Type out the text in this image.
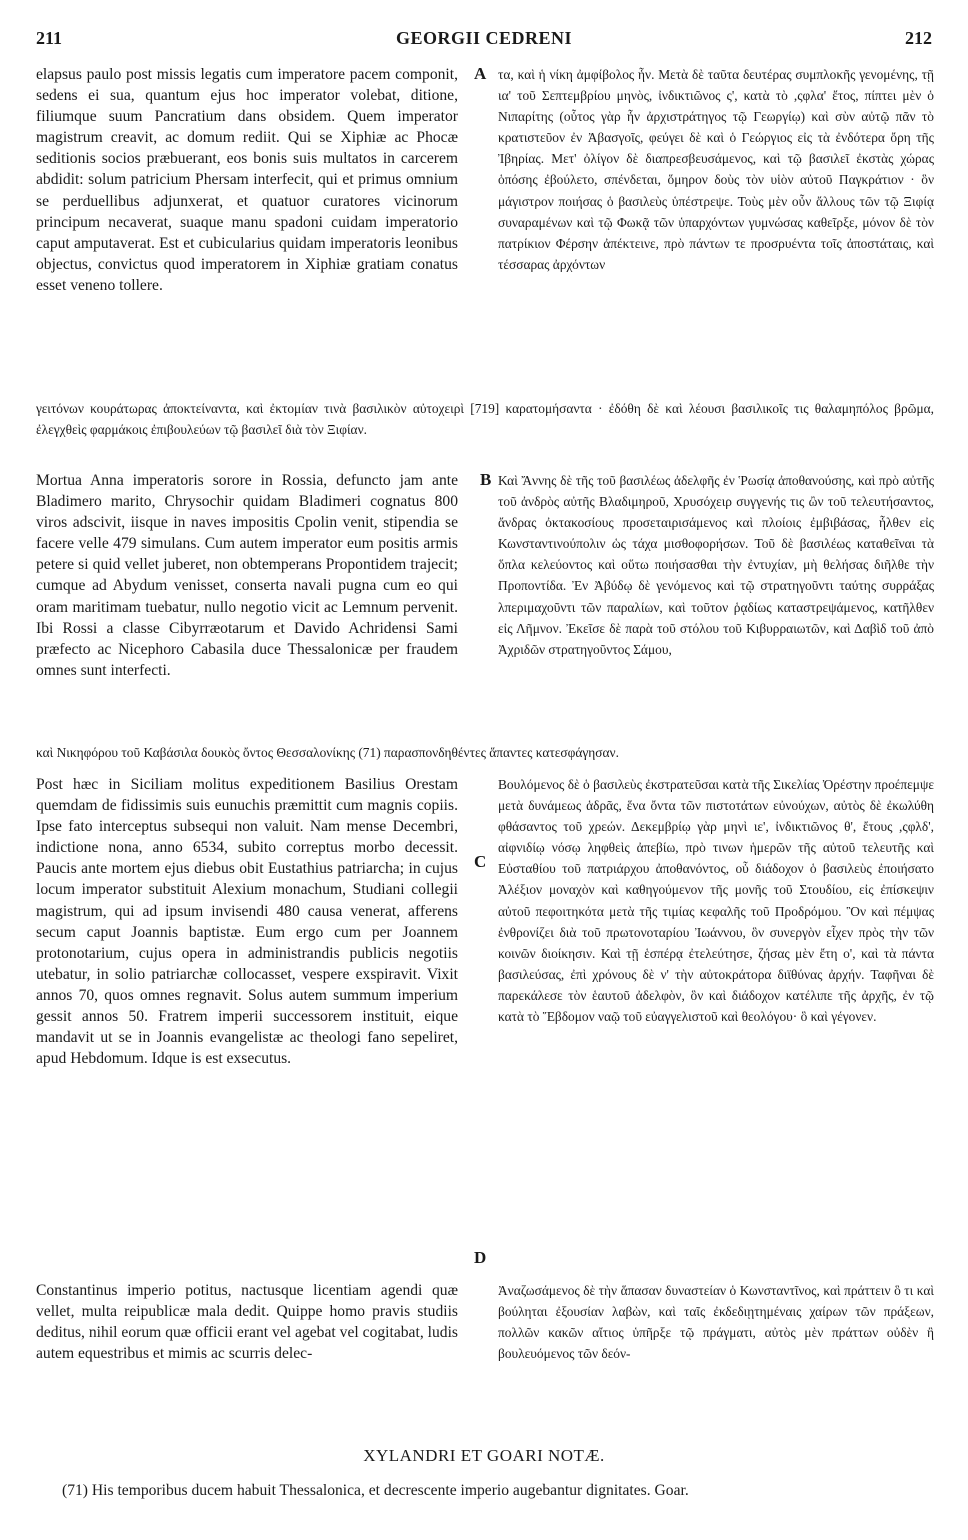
211	GEORGII CEDRENI	212

elapsus paulo post missis legatis cum imperatore pacem componit, sedens ei sua, quantum ejus hoc imperator volebat, ditione, filiumque suum Pancratium dans obsidem. Quem imperator magistrum creavit, ac domum rediit. Qui se Xiphiæ ac Phocæ seditionis socios præbuerant, eos bonis suis multatos in carcerem abdidit: solum patricium Phersam interfecit, qui et primus omnium se perduellibus adjunxerat, et quatuor curatores vicinorum principum necaverat, suaque manu spadoni cuidam imperatorio caput amputaverat. Est et cubicularius quidam imperatoris leonibus objectus, convictus quod imperatorem in Xiphiæ gratiam conatus esset veneno tollere.

τα, καὶ ἡ νίκη ἀμφίβολος ἦν. Μετὰ δὲ ταῦτα δευτέρας συμπλοκῆς γενομένης, τῇ ια' τοῦ Σεπτεμβρίου μηνὸς, ἰνδικτιῶνος ς', κατὰ τὸ ,ςφλα' ἔτος, πίπτει μὲν ὁ Νιπαρίτης (οὗτος γὰρ ἦν ἀρχιστράτηγος τῷ Γεωργίῳ) καὶ σὺν αὐτῷ πᾶν τὸ κρατιστεῦον ἐν Ἀβασγοῖς, φεύγει δὲ καὶ ὁ Γεώργιος εἰς τὰ ἐνδότερα ὄρη τῆς Ἰβηρίας. Μετ' ὀλίγον δὲ διαπρεσβευσάμενος, καὶ τῷ βασιλεῖ ἐκστὰς χώρας ὁπόσης ἐβούλετο, σπένδεται, ὅμηρον δοὺς τὸν υἱὸν αὐτοῦ Παγκράτιον · ὃν μάγιστρον ποιήσας ὁ βασιλεὺς ὑπέστρεψε. Τοὺς μὲν οὖν ἄλλους τῶν τῷ Ξιφίᾳ συναραμένων καὶ τῷ Φωκᾷ τῶν ὑπαρχόντων γυμνώσας καθεῖρξε, μόνον δὲ τὸν πατρίκιον Φέρσην ἀπέκτεινε, πρὸ πάντων τε προσρυέντα τοῖς ἀποστάταις, καὶ τέσσαρας ἀρχόντων

A

γειτόνων κουράτωρας ἀποκτείναντα, καὶ ἐκτομίαν τινὰ βασιλικὸν αὐτοχειρὶ [719] καρατομήσαντα · ἐδόθη δὲ καὶ λέουσι βασιλικοῖς τις θαλαμηπόλος βρῶμα, ἐλεγχθεὶς φαρμάκοις ἐπιβουλεύων τῷ βασιλεῖ διὰ τὸν Ξιφίαν.

Mortua Anna imperatoris sorore in Rossia, defuncto jam ante Bladimero marito, Chrysochir quidam Bladimeri cognatus 800 viros adscivit, iisque in naves impositis Cpolin venit, stipendia se facere velle 479 simulans. Cum autem imperator eum positis armis petere si quid vellet juberet, non obtemperans Propontidem trajecit; cumque ad Abydum venisset, conserta navali pugna cum eo qui oram maritimam tuebatur, nullo negotio vicit ac Lemnum pervenit. Ibi Rossi a classe Cibyrræotarum et Davido Achridensi Sami præfecto ac Nicephoro Cabasila duce Thessalonicæ per fraudem omnes sunt interfecti.

Καὶ Ἄννης δὲ τῆς τοῦ βασιλέως ἀδελφῆς ἐν Ῥωσίᾳ ἀποθανούσης, καὶ πρὸ αὐτῆς τοῦ ἀνδρὸς αὐτῆς Βλαδιμηροῦ, Χρυσόχειρ συγγενής τις ὢν τοῦ τελευτήσαντος, ἄνδρας ὀκτακοσίους προσεταιρισάμενος καὶ πλοίοις ἐμβιβάσας, ἦλθεν εἰς Κωνσταντινούπολιν ὡς τάχα μισθοφορήσων. Τοῦ δὲ βασιλέως καταθεῖναι τὰ ὅπλα κελεύοντος καὶ οὕτω ποιήσασθαι τὴν ἐντυχίαν, μὴ θελήσας διῆλθε τὴν Προποντίδα. Ἐν Ἀβύδῳ δὲ γενόμενος καὶ τῷ στρατηγοῦντι ταύτης συρράξας λπεριμαχοῦντι τῶν παραλίων, καὶ τοῦτον ῥᾳδίως καταστρεψάμενος, κατῆλθεν εἰς Λῆμνον. Ἐκεῖσε δὲ παρὰ τοῦ στόλου τοῦ Κιβυρραιωτῶν, καὶ Δαβὶδ τοῦ ἀπὸ Ἀχριδῶν στρατηγοῦντος Σάμου,

B

καὶ Νικηφόρου τοῦ Καβάσιλα δουκὸς ὄντος Θεσσαλονίκης (71) παρασπονδηθέντες ἅπαντες κατεσφάγησαν.

Post hæc in Siciliam molitus expeditionem Basilius Orestam quemdam de fidissimis suis eunuchis præmittit cum magnis copiis. Ipse fato interceptus subsequi non valuit. Nam mense Decembri, indictione nona, anno 6534, subito correptus morbo decessit. Paucis ante mortem ejus diebus obit Eustathius patriarcha; in cujus locum imperator substituit Alexium monachum, Studiani collegii magistrum, qui ad ipsum invisendi 480 causa venerat, afferens secum caput Joannis baptistæ. Eum ergo cum per Joannem protonotarium, cujus opera in administrandis publicis negotiis utebatur, in solio patriarchæ collocasset, vespere exspiravit. Vixit annos 70, quos omnes regnavit. Solus autem summum imperium gessit annos 50. Fratrem imperii successorem instituit, eique mandavit ut se in Joannis evangelistæ ac theologi fano sepeliret, apud Hebdomum. Idque is est exsecutus.

Βουλόμενος δὲ ὁ βασιλεὺς ἐκστρατεῦσαι κατὰ τῆς Σικελίας Ὀρέστην προέπεμψε μετὰ δυνάμεως ἁδρᾶς, ἕνα ὄντα τῶν πιστοτάτων εὐνούχων, αὐτὸς δὲ ἐκωλύθη φθάσαντος τοῦ χρεών. Δεκεμβρίῳ γὰρ μηνὶ ιε', ἰνδικτιῶνος θ', ἔτους ,ςφλδ', αἰφνιδίῳ νόσῳ ληφθεὶς ἀπεβίω, πρὸ τινων ἡμερῶν τῆς αὐτοῦ τελευτῆς καὶ Εὐσταθίου τοῦ πατριάρχου ἀποθανόντος, οὗ διάδοχον ὁ βασιλεὺς ἐποιήσατο Ἀλέξιον μοναχὸν καὶ καθηγούμενον τῆς μονῆς τοῦ Στουδίου, εἰς ἐπίσκεψιν αὐτοῦ πεφοιτηκότα μετὰ τῆς τιμίας κεφαλῆς τοῦ Προδρόμου. Ὃν καὶ πέμψας ἐνθρονίζει διὰ τοῦ πρωτονοταρίου Ἰωάννου, ὃν συνεργὸν εἶχεν πρὸς τὴν τῶν κοινῶν διοίκησιν. Καὶ τῇ ἑσπέρᾳ ἐτελεύτησε, ζήσας μὲν ἔτη ο', καὶ τὰ πάντα βασιλεύσας, ἐπὶ χρόνους δὲ ν' τὴν αὐτοκράτορα διϊθύνας ἀρχήν. Ταφῆναι δὲ παρεκάλεσε τὸν ἑαυτοῦ ἀδελφὸν, ὃν καὶ διάδοχον κατέλιπε τῆς ἀρχῆς, ἐν τῷ κατὰ τὸ Ἕβδομον ναῷ τοῦ εὐαγγελιστοῦ καὶ θεολόγου· ὃ καὶ γέγονεν.

C

Constantinus imperio potitus, nactusque licentiam agendi quæ vellet, multa reipublicæ mala dedit. Quippe homo pravis studiis deditus, nihil eorum quæ officii erant vel agebat vel cogitabat, ludis autem equestribus et mimis ac scurris delec-

Ἀναζωσάμενος δὲ τὴν ἅπασαν δυναστείαν ὁ Κωνσταντῖνος, καὶ πράττειν ὃ τι καὶ βούληται ἐξουσίαν λαβὼν, καὶ ταῖς ἐκδεδιῃτημέναις χαίρων τῶν πράξεων, πολλῶν κακῶν αἴτιος ὑπῆρξε τῷ πράγματι, αὐτὸς μὲν πράττων οὐδὲν ἢ βουλευόμενος τῶν δεόν-

D
XYLANDRI ET GOARI NOTÆ.

(71) His temporibus ducem habuit Thessalonica, et decrescente imperio augebantur dignitates. Goar.
